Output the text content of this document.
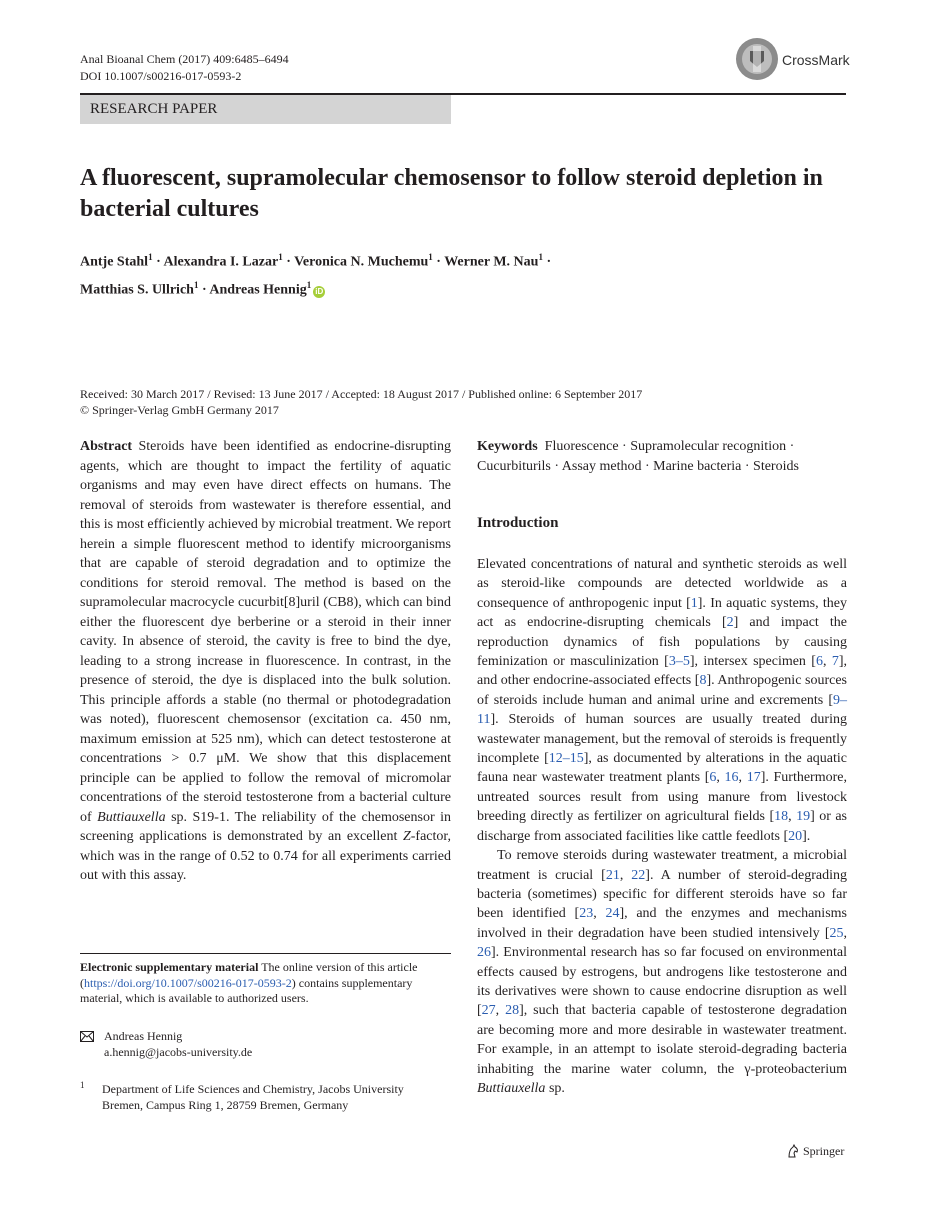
Anal Bioanal Chem (2017) 409:6485–6494
DOI 10.1007/s00216-017-0593-2
CrossMark
RESEARCH PAPER
A fluorescent, supramolecular chemosensor to follow steroid depletion in bacterial cultures
Antje Stahl$^1$ · Alexandra I. Lazar$^1$ · Veronica N. Muchemu$^1$ · Werner M. Nau$^1$ ·
Matthias S. Ullrich$^1$ · Andreas Hennig$^1$iD
Received: 30 March 2017 / Revised: 13 June 2017 / Accepted: 18 August 2017 / Published online: 6 September 2017
© Springer-Verlag GmbH Germany 2017

Abstract Steroids have been identified as endocrine-disrupting agents, which are thought to impact the fertility of aquatic organisms and may even have direct effects on humans. The removal of steroids from wastewater is therefore essential, and this is most efficiently achieved by microbial treatment. We report herein a simple fluorescent method to identify microorganisms that are capable of steroid degradation and to optimize the conditions for steroid removal. The method is based on the supramolecular macrocycle cucurbit[8]uril (CB8), which can bind either the fluorescent dye berberine or a steroid in their inner cavity. In absence of steroid, the cavity is free to bind the dye, leading to a strong increase in fluorescence. In contrast, in the presence of steroid, the dye is displaced into the bulk solution. This principle affords a stable (no thermal or photodegradation was noted), fluorescent chemosensor (excitation ca. 450 nm, maximum emission at 525 nm), which can detect testosterone at concentrations > 0.7 μM. We show that this displacement principle can be applied to follow the removal of micromolar concentrations of the steroid testosterone from a bacterial culture of Buttiauxella sp. S19-1. The reliability of the chemosensor in screening applications is demonstrated by an excellent Z-factor, which was in the range of 0.52 to 0.74 for all experiments carried out with this assay.

Keywords Fluorescence · Supramolecular recognition · Cucurbiturils · Assay method · Marine bacteria · Steroids

Introduction

Elevated concentrations of natural and synthetic steroids as well as steroid-like compounds are detected worldwide as a consequence of anthropogenic input [1]. In aquatic systems, they act as endocrine-disrupting chemicals [2] and impact the reproduction dynamics of fish populations by causing feminization or masculinization [3–5], intersex specimen [6, 7], and other endocrine-associated effects [8]. Anthropogenic sources of steroids include human and animal urine and excrements [9–11]. Steroids of human sources are usually treated during wastewater management, but the removal of steroids is frequently incomplete [12–15], as documented by alterations in the aquatic fauna near wastewater treatment plants [6, 16, 17]. Furthermore, untreated sources result from using manure from livestock breeding directly as fertilizer on agricultural fields [18, 19] or as discharge from associated facilities like cattle feedlots [20].

To remove steroids during wastewater treatment, a microbial treatment is crucial [21, 22]. A number of steroid-degrading bacteria (sometimes) specific for different steroids have so far been identified [23, 24], and the enzymes and mechanisms involved in their degradation have been studied intensively [25, 26]. Environmental research has so far focused on environmental effects caused by estrogens, but androgens like testosterone and its derivatives were shown to cause endocrine disruption as well [27, 28], such that bacteria capable of testosterone degradation are becoming more and more desirable in wastewater treatment. For example, in an attempt to isolate steroid-degrading bacteria inhabiting the marine water column, the γ-proteobacterium Buttiauxella sp.

Electronic supplementary material The online version of this article (https://doi.org/10.1007/s00216-017-0593-2) contains supplementary material, which is available to authorized users.
Andreas Hennig
a.hennig@jacobs-university.de
1 Department of Life Sciences and Chemistry, Jacobs University
Bremen, Campus Ring 1, 28759 Bremen, Germany
Springer
